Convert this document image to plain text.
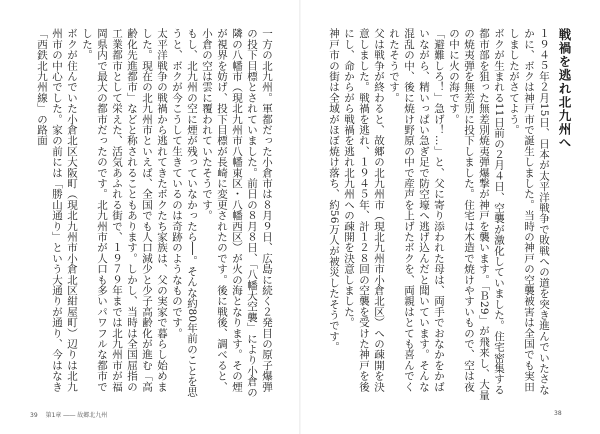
戦禍を逃れ北九州へ

１９４５年２月15日、日本が太平洋戦争で敗戦への道を突き進んでいたさなかに、ボクは神戸市で誕生しました。当時の神戸の空襲被害は全国でも実田しましたがさてよう。

ボクが生まれる11日前の２月４日、空襲が激化していました。住宅密集する都市部を狙った無差別焼夷弾爆撃が神戸を襲います。「Ｂ29」が飛来し、大量の焼夷弾を無差別に投下しました。住宅は木造で焼けやすいもので、空は夜の中に火の海です。

「避難しろ！」急げ！…」と、父に寄り添われた母は、両手でおなかをかばいながら、精いっぱい急ぎ足で防空壕へ逃げ込んだと聞いています。そんな混乱の中、後に焼け野原の中で産声を上げたボクを、両親はとても喜んでくれたそうです。

父は戦争が終わると、故郷の北九州市（現北九州市小倉北区）への疎開を決意しました。戦禍を逃れ、１９４５年、計１２８回の空襲を受けた神戸を後にし、命からがら戦禍を逃れ北九州への疎開を決意しました。

神戸市の街は全域がほぼ焼け落ち、約56万人が被災したそうです。

一方の北九州。軍都だった小倉市は８月９日、広島に続く２発目の原子爆弾の投下目標とされていました。前日の８月８日、「八幡大空襲」により小倉の隣の八幡市（現北九州市八幡東区・八幡西区）が火の海となります。その煙が視界を妨げ、投下目標が長崎に変更されたのです。後に戦後、調べると、小倉の空は雲に覆われていたそうです。

もし、北九州の空に煙が残っていなかったら──。そんな約80年前のことを思うと、ボクが今こうして生きているのは奇跡のようなものです。

太平洋戦争の戦禍から逃れてきたボクたち家族は、父の実家で暮らし始めました。現在の北九州市といえば、全国でも人口減少と少子高齢化が進む「高齢化先進都市」などと称されることもあります。しかし、当時は全国屈指の工業都市として栄えた、活気あふれる街で、１９７９年までは北九州市が福岡県内で最大の都市だったのです。北九州市が人口も多いパワフルな都市でした。

ボクが住んでいた小倉北区大阪町（現北九州市小倉北区紺屋町）辺りは北九州市の中心でした。家の前には「勝山通り」という大通りが通り、今はなき「西鉄北九州線」の路面

39 第1章 ―― 故郷北九州	38
